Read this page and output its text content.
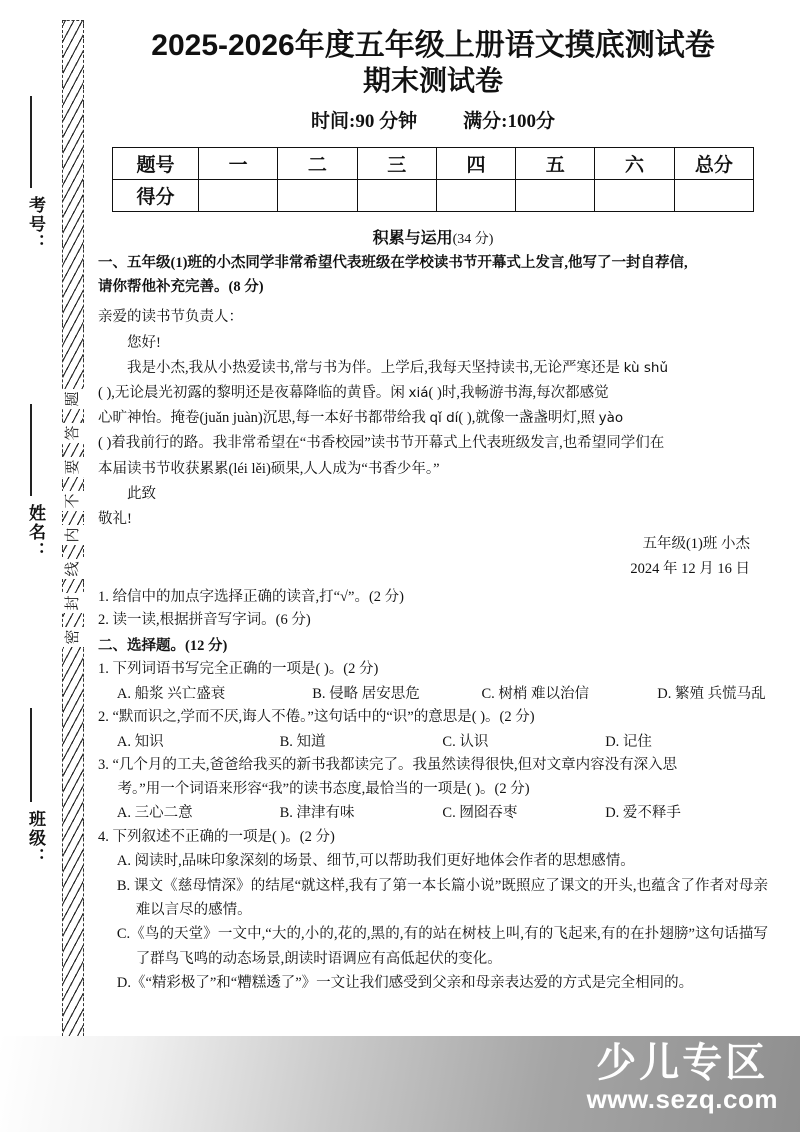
密
封
线
内
不
要
答
题
考号：
姓名：
班级：
2025-2026年度五年级上册语文摸底测试卷
期末测试卷
时间:90 分钟 满分:100分
题号	一	二	三	四	五	六	总分
得分							
积累与运用(34 分)
一、五年级(1)班的小杰同学非常希望代表班级在学校读书节开幕式上发言,他写了一封自荐信,
请你帮他补充完善。(8 分)
亲爱的读书节负责人：
您好!
我是小杰,我从小热爱读书,常与书为伴。上学后,我每天坚持读书,无论严寒还是 kù shǔ
( ),无论晨光初露的黎明还是夜幕降临的黄昏。闲 xiá( )时,我畅游书海,每次都感觉
心旷神怡。掩卷(juǎn juàn)沉思,每一本好书都带给我 qǐ dí( ),就像一盏盏明灯,照 yào
( )着我前行的路。我非常希望在“书香校园”读书节开幕式上代表班级发言,也希望同学们在
本届读书节收获累累(léi lěi)硕果,人人成为“书香少年。”
此致
敬礼!
五年级(1)班 小杰
2024 年 12 月 16 日
1. 给信中的加点字选择正确的读音,打“√”。(2 分)
2. 读一读,根据拼音写字词。(6 分)
二、选择题。(12 分)
1. 下列词语书写完全正确的一项是( )。(2 分)
A. 船浆 兴亡盛衰	B. 侵略 居安思危	C. 树梢 难以治信	D. 繁殖 兵慌马乱
2. “默而识之,学而不厌,诲人不倦。”这句话中的“识”的意思是( )。(2 分)
A. 知识	B. 知道	C. 认识	D. 记住
3. “几个月的工夫,爸爸给我买的新书我都读完了。我虽然读得很快,但对文章内容没有深入思
考。”用一个词语来形容“我”的读书态度,最恰当的一项是( )。(2 分)
A. 三心二意	B. 津津有味	C. 囫囵吞枣	D. 爱不释手
4. 下列叙述不正确的一项是( )。(2 分)
A. 阅读时,品味印象深刻的场景、细节,可以帮助我们更好地体会作者的思想感情。
B. 课文《慈母情深》的结尾“就这样,我有了第一本长篇小说”既照应了课文的开头,也蕴含了作者对母亲难以言尽的感情。
C.《鸟的天堂》一文中,“大的,小的,花的,黑的,有的站在树枝上叫,有的飞起来,有的在扑翅膀”这句话描写了群鸟飞鸣的动态场景,朗读时语调应有高低起伏的变化。
D.《“精彩极了”和“糟糕透了”》一文让我们感受到父亲和母亲表达爱的方式是完全相同的。
少儿专区
www.sezq.com
